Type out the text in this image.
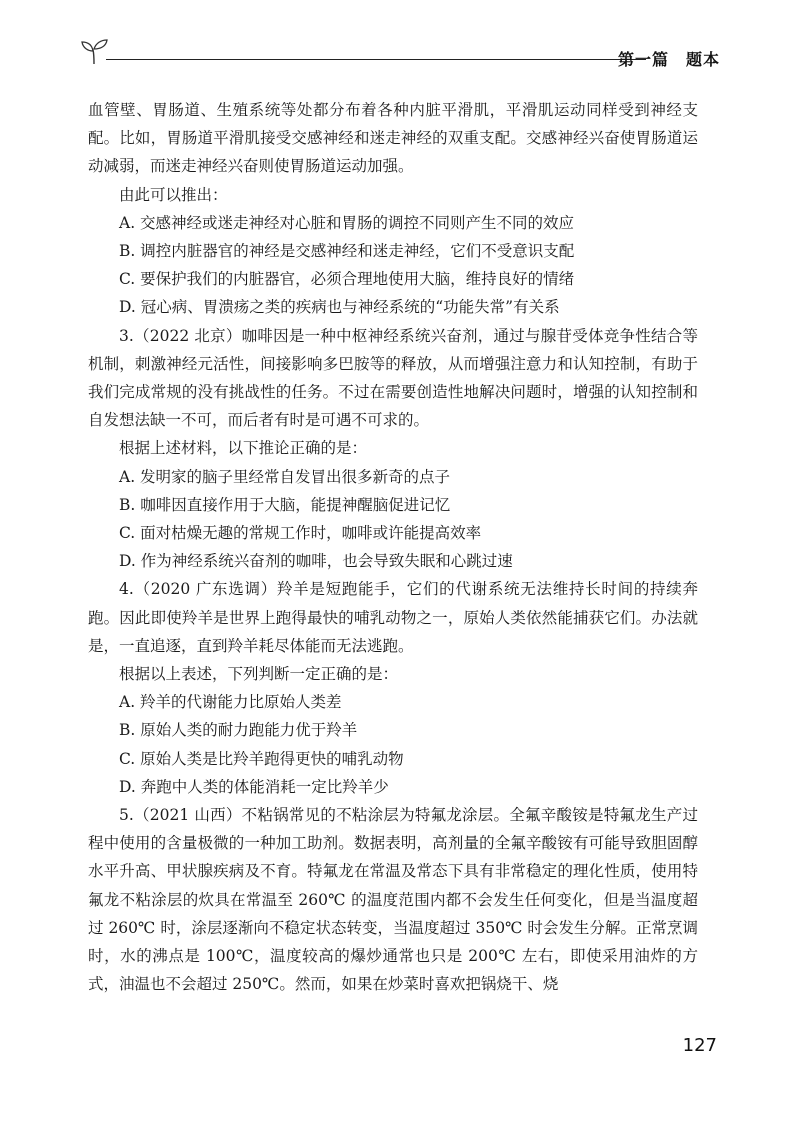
第一篇　题本

血管壁、胃肠道、生殖系统等处都分布着各种内脏平滑肌，平滑肌运动同样受到神经支配。比如，胃肠道平滑肌接受交感神经和迷走神经的双重支配。交感神经兴奋使胃肠道运动减弱，而迷走神经兴奋则使胃肠道运动加强。

由此可以推出：

A. 交感神经或迷走神经对心脏和胃肠的调控不同则产生不同的效应

B. 调控内脏器官的神经是交感神经和迷走神经，它们不受意识支配

C. 要保护我们的内脏器官，必须合理地使用大脑，维持良好的情绪

D. 冠心病、胃溃疡之类的疾病也与神经系统的“功能失常”有关系

3.（2022 北京）咖啡因是一种中枢神经系统兴奋剂，通过与腺苷受体竞争性结合等机制，刺激神经元活性，间接影响多巴胺等的释放，从而增强注意力和认知控制，有助于我们完成常规的没有挑战性的任务。不过在需要创造性地解决问题时，增强的认知控制和自发想法缺一不可，而后者有时是可遇不可求的。

根据上述材料，以下推论正确的是：

A. 发明家的脑子里经常自发冒出很多新奇的点子

B. 咖啡因直接作用于大脑，能提神醒脑促进记忆

C. 面对枯燥无趣的常规工作时，咖啡或许能提高效率

D. 作为神经系统兴奋剂的咖啡，也会导致失眠和心跳过速

4.（2020 广东选调）羚羊是短跑能手，它们的代谢系统无法维持长时间的持续奔跑。因此即使羚羊是世界上跑得最快的哺乳动物之一，原始人类依然能捕获它们。办法就是，一直追逐，直到羚羊耗尽体能而无法逃跑。

根据以上表述，下列判断一定正确的是：

A. 羚羊的代谢能力比原始人类差

B. 原始人类的耐力跑能力优于羚羊

C. 原始人类是比羚羊跑得更快的哺乳动物

D. 奔跑中人类的体能消耗一定比羚羊少

5.（2021 山西）不粘锅常见的不粘涂层为特氟龙涂层。全氟辛酸铵是特氟龙生产过程中使用的含量极微的一种加工助剂。数据表明，高剂量的全氟辛酸铵有可能导致胆固醇水平升高、甲状腺疾病及不育。特氟龙在常温及常态下具有非常稳定的理化性质，使用特氟龙不粘涂层的炊具在常温至 260℃ 的温度范围内都不会发生任何变化，但是当温度超过 260℃ 时，涂层逐渐向不稳定状态转变，当温度超过 350℃ 时会发生分解。正常烹调时，水的沸点是 100℃，温度较高的爆炒通常也只是 200℃ 左右，即使采用油炸的方式，油温也不会超过 250℃。然而，如果在炒菜时喜欢把锅烧干、烧

127
